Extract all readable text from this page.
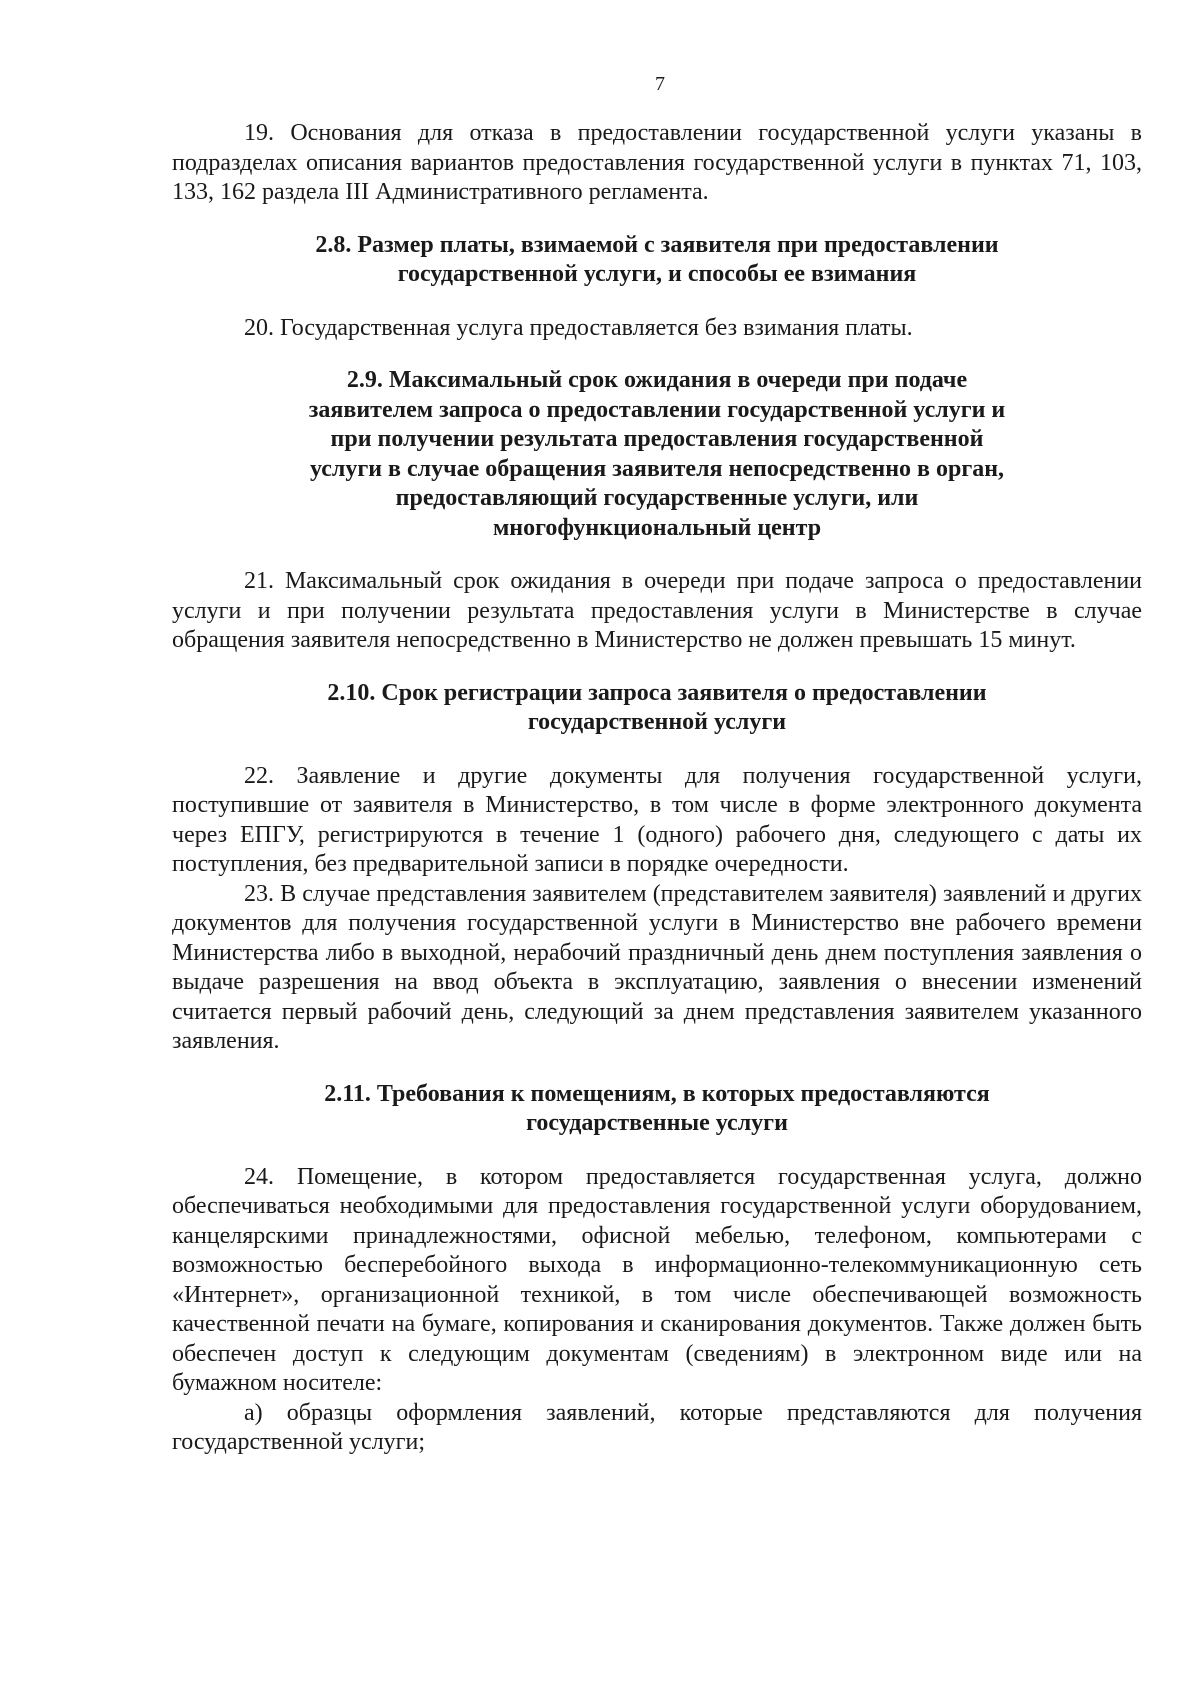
7

19. Основания для отказа в предоставлении государственной услуги указаны в подразделах описания вариантов предоставления государственной услуги в пунктах 71, 103, 133, 162 раздела III Административного регламента.

2.8. Размер платы, взимаемой с заявителя при предоставлении государственной услуги, и способы ее взимания

20. Государственная услуга предоставляется без взимания платы.

2.9. Максимальный срок ожидания в очереди при подаче заявителем запроса о предоставлении государственной услуги и при получении результата предоставления государственной услуги в случае обращения заявителя непосредственно в орган, предоставляющий государственные услуги, или многофункциональный центр

21. Максимальный срок ожидания в очереди при подаче запроса о предоставлении услуги и при получении результата предоставления услуги в Министерстве в случае обращения заявителя непосредственно в Министерство не должен превышать 15 минут.

2.10. Срок регистрации запроса заявителя о предоставлении государственной услуги

22. Заявление и другие документы для получения государственной услуги, поступившие от заявителя в Министерство, в том числе в форме электронного документа через ЕПГУ, регистрируются в течение 1 (одного) рабочего дня, следующего с даты их поступления, без предварительной записи в порядке очередности.

23. В случае представления заявителем (представителем заявителя) заявлений и других документов для получения государственной услуги в Министерство вне рабочего времени Министерства либо в выходной, нерабочий праздничный день днем поступления заявления о выдаче разрешения на ввод объекта в эксплуатацию, заявления о внесении изменений считается первый рабочий день, следующий за днем представления заявителем указанного заявления.

2.11. Требования к помещениям, в которых предоставляются государственные услуги

24. Помещение, в котором предоставляется государственная услуга, должно обеспечиваться необходимыми для предоставления государственной услуги оборудованием, канцелярскими принадлежностями, офисной мебелью, телефоном, компьютерами с возможностью бесперебойного выхода в информационно-телекоммуникационную сеть «Интернет», организационной техникой, в том числе обеспечивающей возможность качественной печати на бумаге, копирования и сканирования документов. Также должен быть обеспечен доступ к следующим документам (сведениям) в электронном виде или на бумажном носителе:

а) образцы оформления заявлений, которые представляются для получения государственной услуги;
